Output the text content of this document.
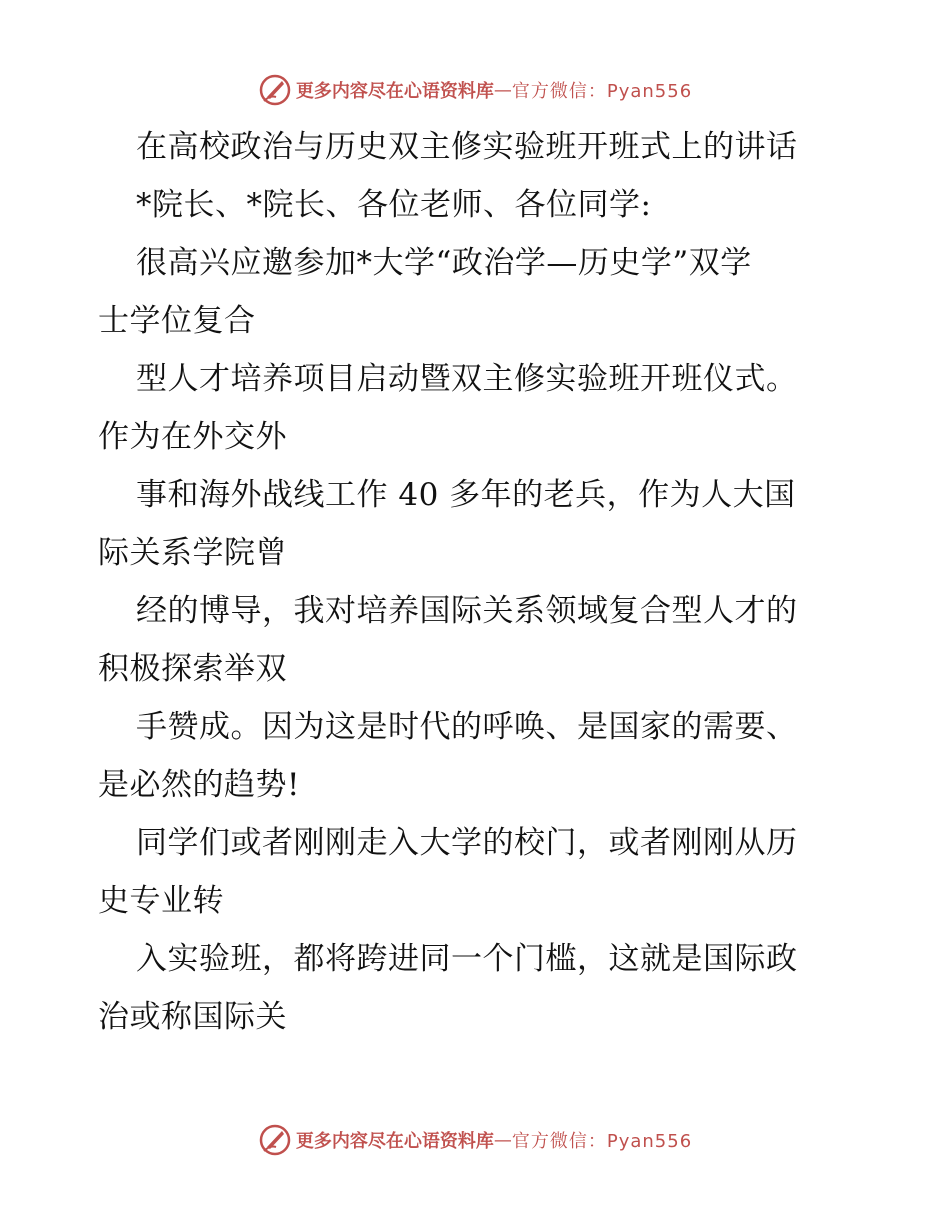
更多内容尽在心语资料库 — 官方微信：Pyan556
在高校政治与历史双主修实验班开班式上的讲话
*院长、*院长、各位老师、各位同学:
很高兴应邀参加*大学“政治学—历史学”双学
士学位复合
型人才培养项目启动暨双主修实验班开班仪式。
作为在外交外
事和海外战线工作 40 多年的老兵，作为人大国
际关系学院曾
经的博导，我对培养国际关系领域复合型人才的
积极探索举双
手赞成。因为这是时代的呼唤、是国家的需要、
是必然的趋势!
同学们或者刚刚走入大学的校门，或者刚刚从历
史专业转
入实验班，都将跨进同一个门槛，这就是国际政
治或称国际关
更多内容尽在心语资料库 — 官方微信：Pyan556
